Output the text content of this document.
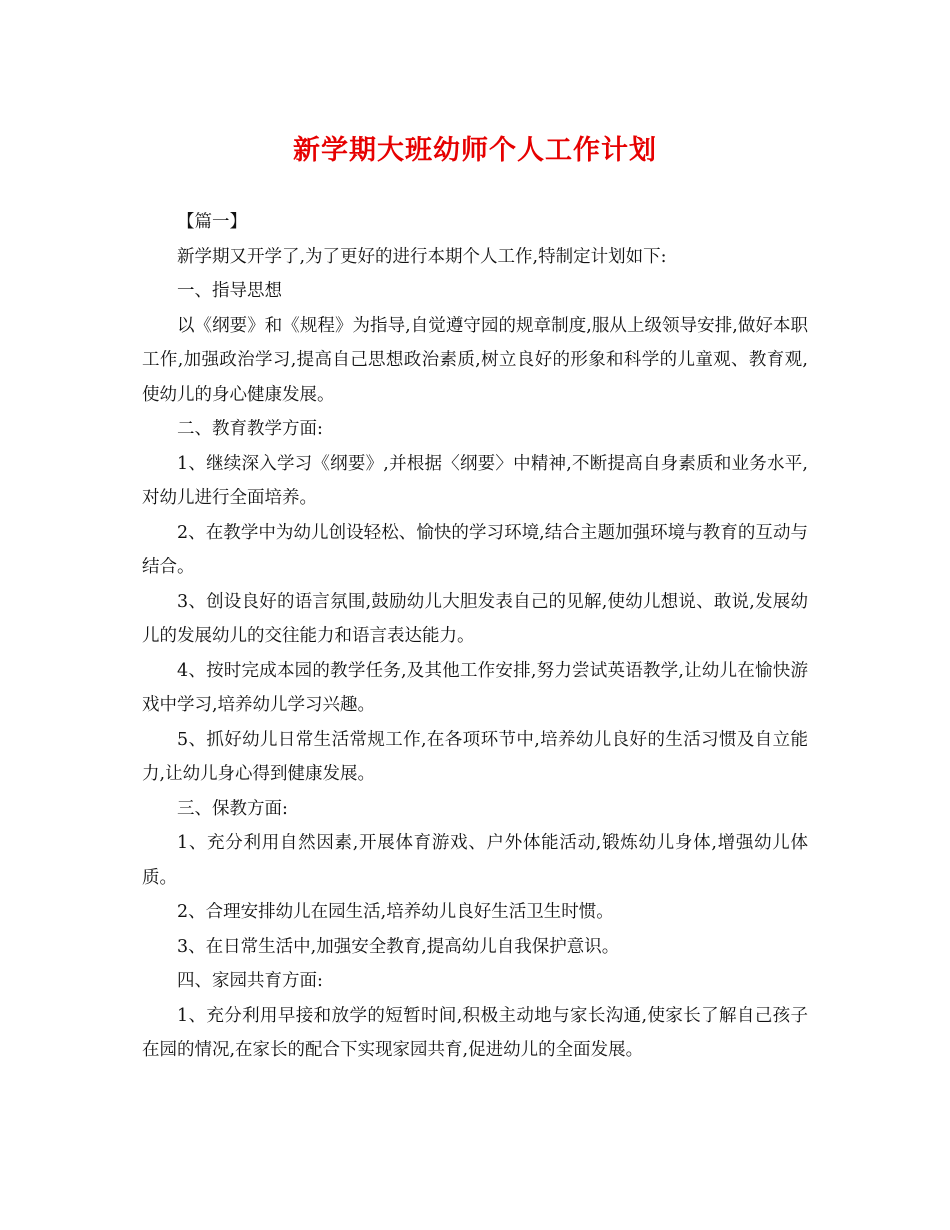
新学期大班幼师个人工作计划

【篇一】

新学期又开学了,为了更好的进行本期个人工作,特制定计划如下:

一、指导思想

以《纲要》和《规程》为指导,自觉遵守园的规章制度,服从上级领导安排,做好本职工作,加强政治学习,提高自己思想政治素质,树立良好的形象和科学的儿童观、教育观,使幼儿的身心健康发展。

二、教育教学方面:

1、继续深入学习《纲要》,并根据〈纲要〉中精神,不断提高自身素质和业务水平,对幼儿进行全面培养。

2、在教学中为幼儿创设轻松、愉快的学习环境,结合主题加强环境与教育的互动与结合。

3、创设良好的语言氛围,鼓励幼儿大胆发表自己的见解,使幼儿想说、敢说,发展幼儿的发展幼儿的交往能力和语言表达能力。

4、按时完成本园的教学任务,及其他工作安排,努力尝试英语教学,让幼儿在愉快游戏中学习,培养幼儿学习兴趣。

5、抓好幼儿日常生活常规工作,在各项环节中,培养幼儿良好的生活习惯及自立能力,让幼儿身心得到健康发展。

三、保教方面:

1、充分利用自然因素,开展体育游戏、户外体能活动,锻炼幼儿身体,增强幼儿体质。

2、合理安排幼儿在园生活,培养幼儿良好生活卫生时惯。

3、在日常生活中,加强安全教育,提高幼儿自我保护意识。

四、家园共育方面:

1、充分利用早接和放学的短暂时间,积极主动地与家长沟通,使家长了解自己孩子在园的情况,在家长的配合下实现家园共育,促进幼儿的全面发展。
